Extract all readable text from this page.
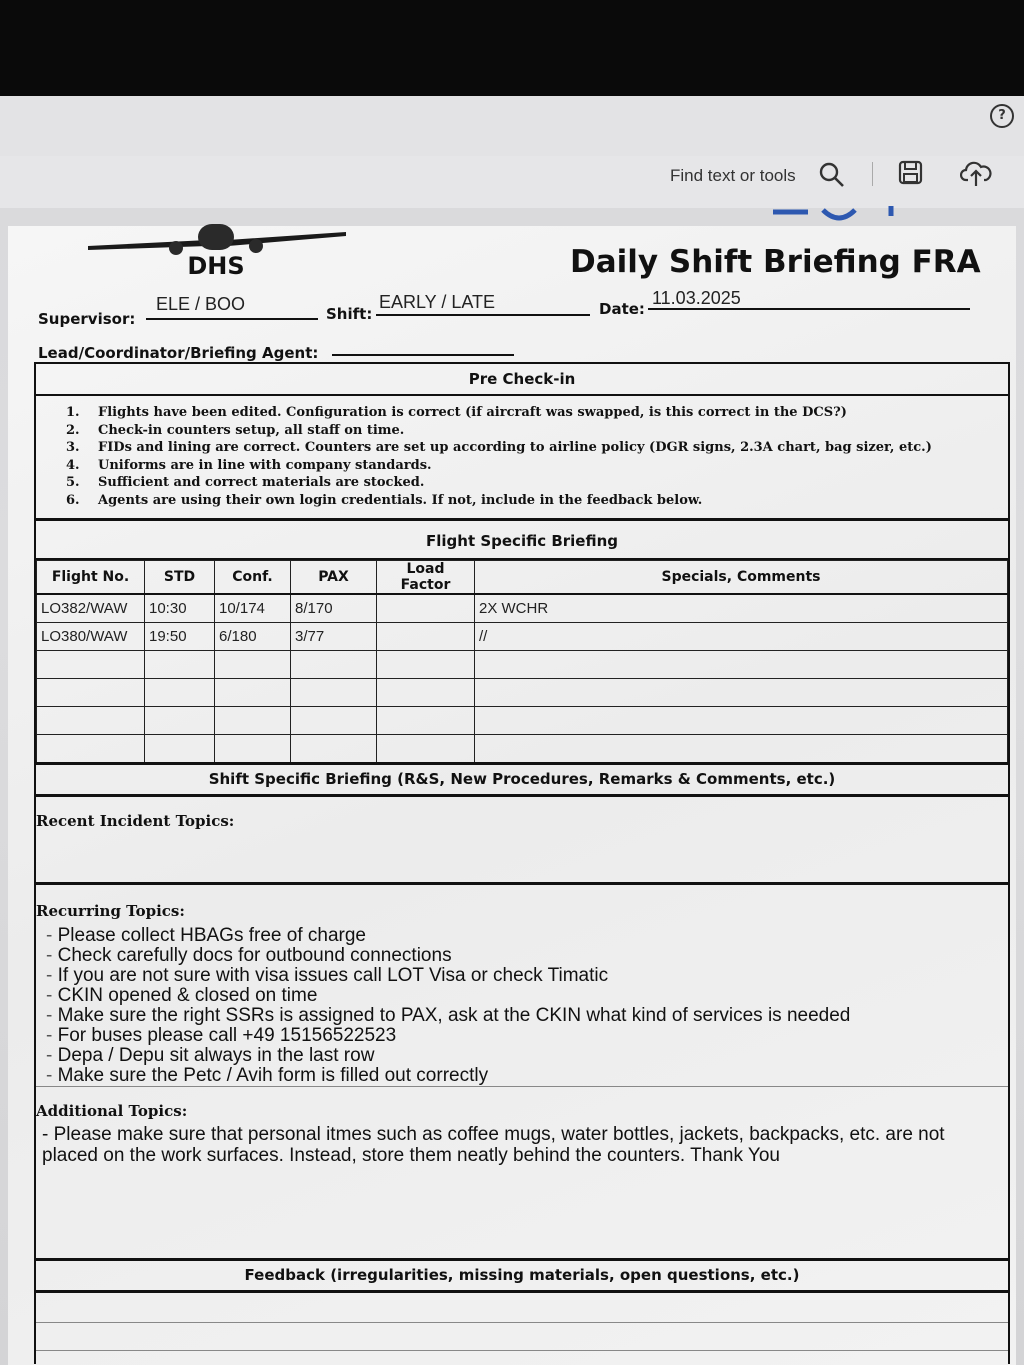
?
Find text or tools
DHS	Daily Shift Briefing FRA
Supervisor:
ELE / BOO	Shift:
EARLY / LATE	Date:
11.03.2025
Lead/Coordinator/Briefing Agent:
Pre Check-in
1. Flights have been edited. Configuration is correct (if aircraft was swapped, is this correct in the DCS?)
2. Check-in counters setup, all staff on time.
3. FIDs and lining are correct. Counters are set up according to airline policy (DGR signs, 2.3A chart, bag sizer, etc.)
4. Uniforms are in line with company standards.
5. Sufficient and correct materials are stocked.
6. Agents are using their own login credentials. If not, include in the feedback below.
Flight Specific Briefing
Flight No.	STD	Conf.	PAX	Load Factor	Specials, Comments
LO382/WAW	10:30	10/174	8/170		2X WCHR
LO380/WAW	19:50	6/180	3/77		//

Shift Specific Briefing (R&S, New Procedures, Remarks & Comments, etc.)
Recent Incident Topics:
Recurring Topics:
- Please collect HBAGs free of charge
- Check carefully docs for outbound connections
- If you are not sure with visa issues call LOT Visa or check Timatic
- CKIN opened & closed on time
- Make sure the right SSRs is assigned to PAX, ask at the CKIN what kind of services is needed
- For buses please call +49 15156522523
- Depa / Depu sit always in the last row
- Make sure the Petc / Avih form is filled out correctly
Additional Topics:
- Please make sure that personal itmes such as coffee mugs, water bottles, jackets, backpacks, etc. are not placed on the work surfaces. Instead, store them neatly behind the counters. Thank You
Feedback (irregularities, missing materials, open questions, etc.)
